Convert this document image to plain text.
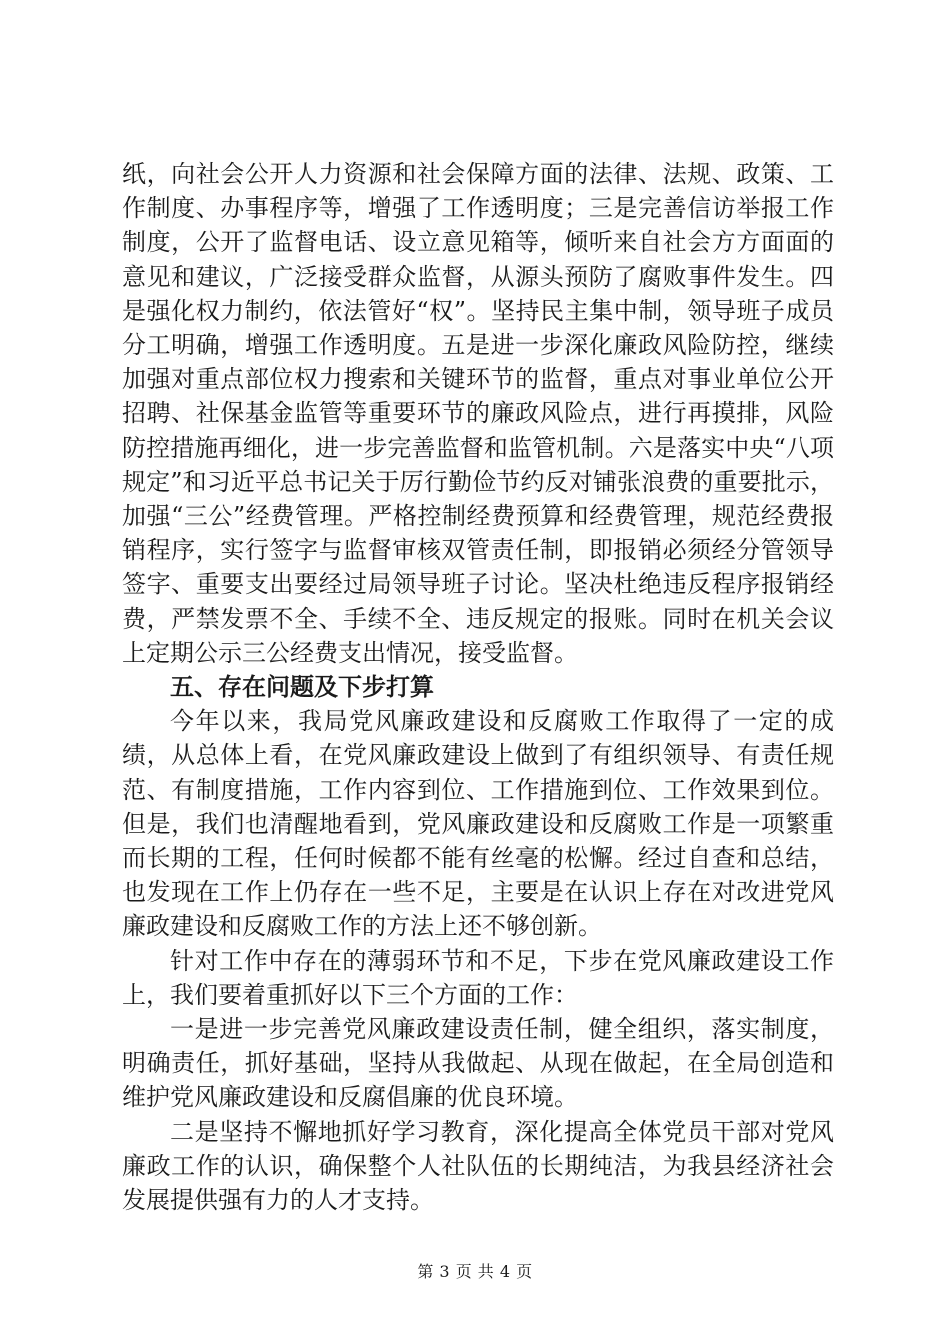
纸，向社会公开人力资源和社会保障方面的法律、法规、政策、工作制度、办事程序等，增强了工作透明度；三是完善信访举报工作制度，公开了监督电话、设立意见箱等，倾听来自社会方方面面的意见和建议，广泛接受群众监督，从源头预防了腐败事件发生。四是强化权力制约，依法管好“权”。坚持民主集中制，领导班子成员分工明确，增强工作透明度。五是进一步深化廉政风险防控，继续加强对重点部位权力搜索和关键环节的监督，重点对事业单位公开招聘、社保基金监管等重要环节的廉政风险点，进行再摸排，风险防控措施再细化，进一步完善监督和监管机制。六是落实中央“八项规定”和习近平总书记关于厉行勤俭节约反对铺张浪费的重要批示，加强“三公”经费管理。严格控制经费预算和经费管理，规范经费报销程序，实行签字与监督审核双管责任制，即报销必须经分管领导签字、重要支出要经过局领导班子讨论。坚决杜绝违反程序报销经费，严禁发票不全、手续不全、违反规定的报账。同时在机关会议上定期公示三公经费支出情况，接受监督。

五、存在问题及下步打算

今年以来，我局党风廉政建设和反腐败工作取得了一定的成绩，从总体上看，在党风廉政建设上做到了有组织领导、有责任规范、有制度措施，工作内容到位、工作措施到位、工作效果到位。但是，我们也清醒地看到，党风廉政建设和反腐败工作是一项繁重而长期的工程，任何时候都不能有丝毫的松懈。经过自查和总结，也发现在工作上仍存在一些不足，主要是在认识上存在对改进党风廉政建设和反腐败工作的方法上还不够创新。

针对工作中存在的薄弱环节和不足，下步在党风廉政建设工作上，我们要着重抓好以下三个方面的工作：

一是进一步完善党风廉政建设责任制，健全组织，落实制度，明确责任，抓好基础，坚持从我做起、从现在做起，在全局创造和维护党风廉政建设和反腐倡廉的优良环境。

二是坚持不懈地抓好学习教育，深化提高全体党员干部对党风廉政工作的认识，确保整个人社队伍的长期纯洁，为我县经济社会发展提供强有力的人才支持。

第 3 页 共 4 页
